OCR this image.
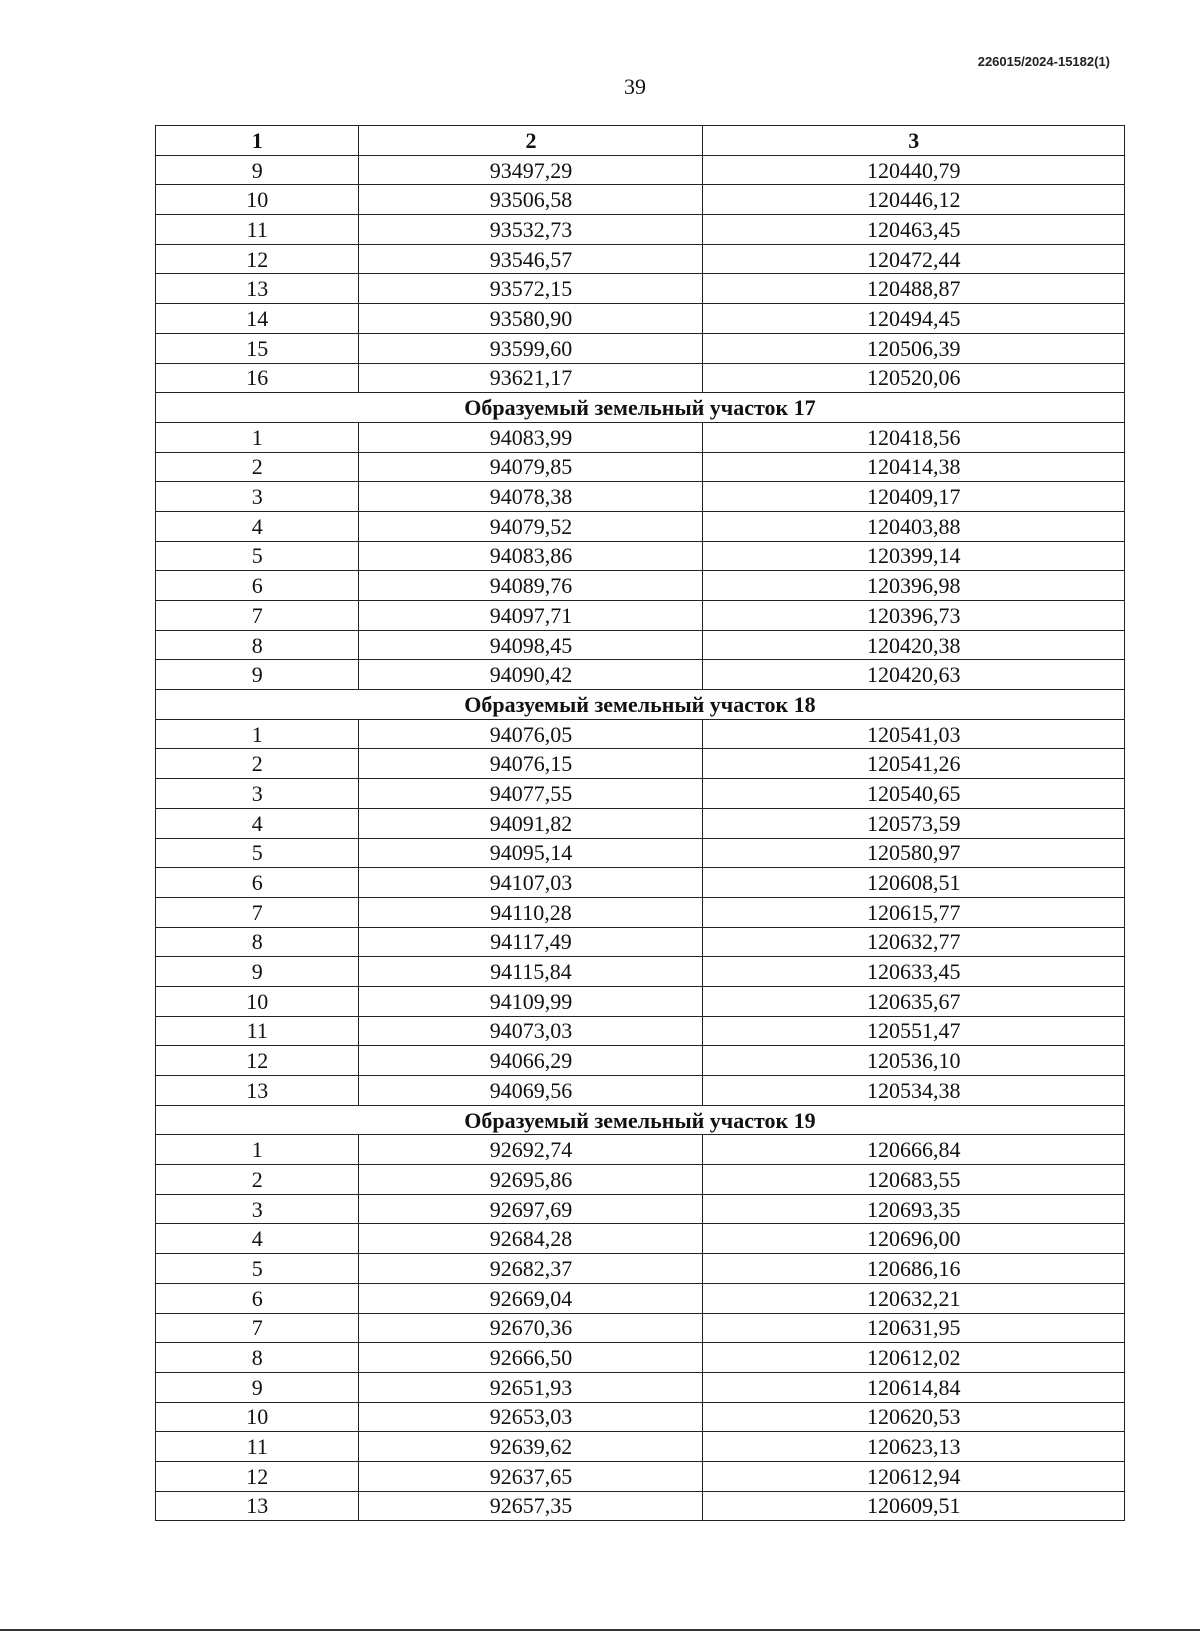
226015/2024-15182(1)
39
1	2	3
9	93497,29	120440,79
10	93506,58	120446,12
11	93532,73	120463,45
12	93546,57	120472,44
13	93572,15	120488,87
14	93580,90	120494,45
15	93599,60	120506,39
16	93621,17	120520,06
Образуемый земельный участок 17		
1	94083,99	120418,56
2	94079,85	120414,38
3	94078,38	120409,17
4	94079,52	120403,88
5	94083,86	120399,14
6	94089,76	120396,98
7	94097,71	120396,73
8	94098,45	120420,38
9	94090,42	120420,63
Образуемый земельный участок 18		
1	94076,05	120541,03
2	94076,15	120541,26
3	94077,55	120540,65
4	94091,82	120573,59
5	94095,14	120580,97
6	94107,03	120608,51
7	94110,28	120615,77
8	94117,49	120632,77
9	94115,84	120633,45
10	94109,99	120635,67
11	94073,03	120551,47
12	94066,29	120536,10
13	94069,56	120534,38
Образуемый земельный участок 19		
1	92692,74	120666,84
2	92695,86	120683,55
3	92697,69	120693,35
4	92684,28	120696,00
5	92682,37	120686,16
6	92669,04	120632,21
7	92670,36	120631,95
8	92666,50	120612,02
9	92651,93	120614,84
10	92653,03	120620,53
11	92639,62	120623,13
12	92637,65	120612,94
13	92657,35	120609,51
